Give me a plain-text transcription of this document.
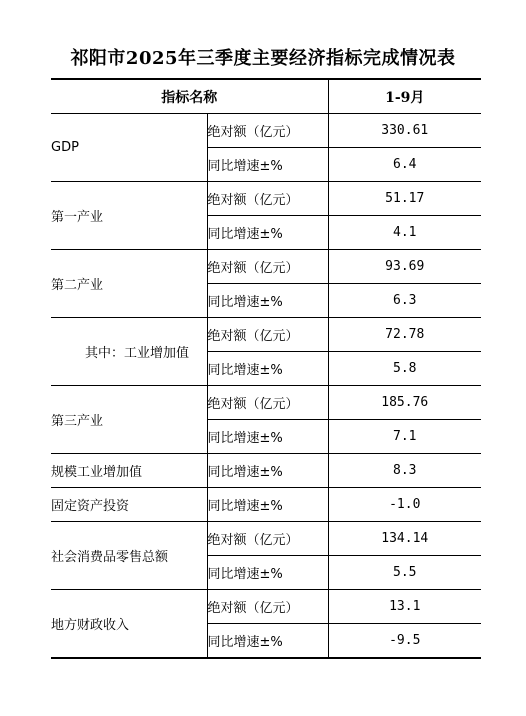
祁阳市2025年三季度主要经济指标完成情况表
指标名称		1-9月
GDP	绝对额（亿元）	330.61
	同比增速±%	6.4
第一产业	绝对额（亿元）	51.17
	同比增速±%	4.1
第二产业	绝对额（亿元）	93.69
	同比增速±%	6.3
其中：工业增加值	绝对额（亿元）	72.78
	同比增速±%	5.8
第三产业	绝对额（亿元）	185.76
	同比增速±%	7.1
规模工业增加值	同比增速±%	8.3
固定资产投资	同比增速±%	-1.0
社会消费品零售总额	绝对额（亿元）	134.14
	同比增速±%	5.5
地方财政收入	绝对额（亿元）	13.1
	同比增速±%	-9.5
